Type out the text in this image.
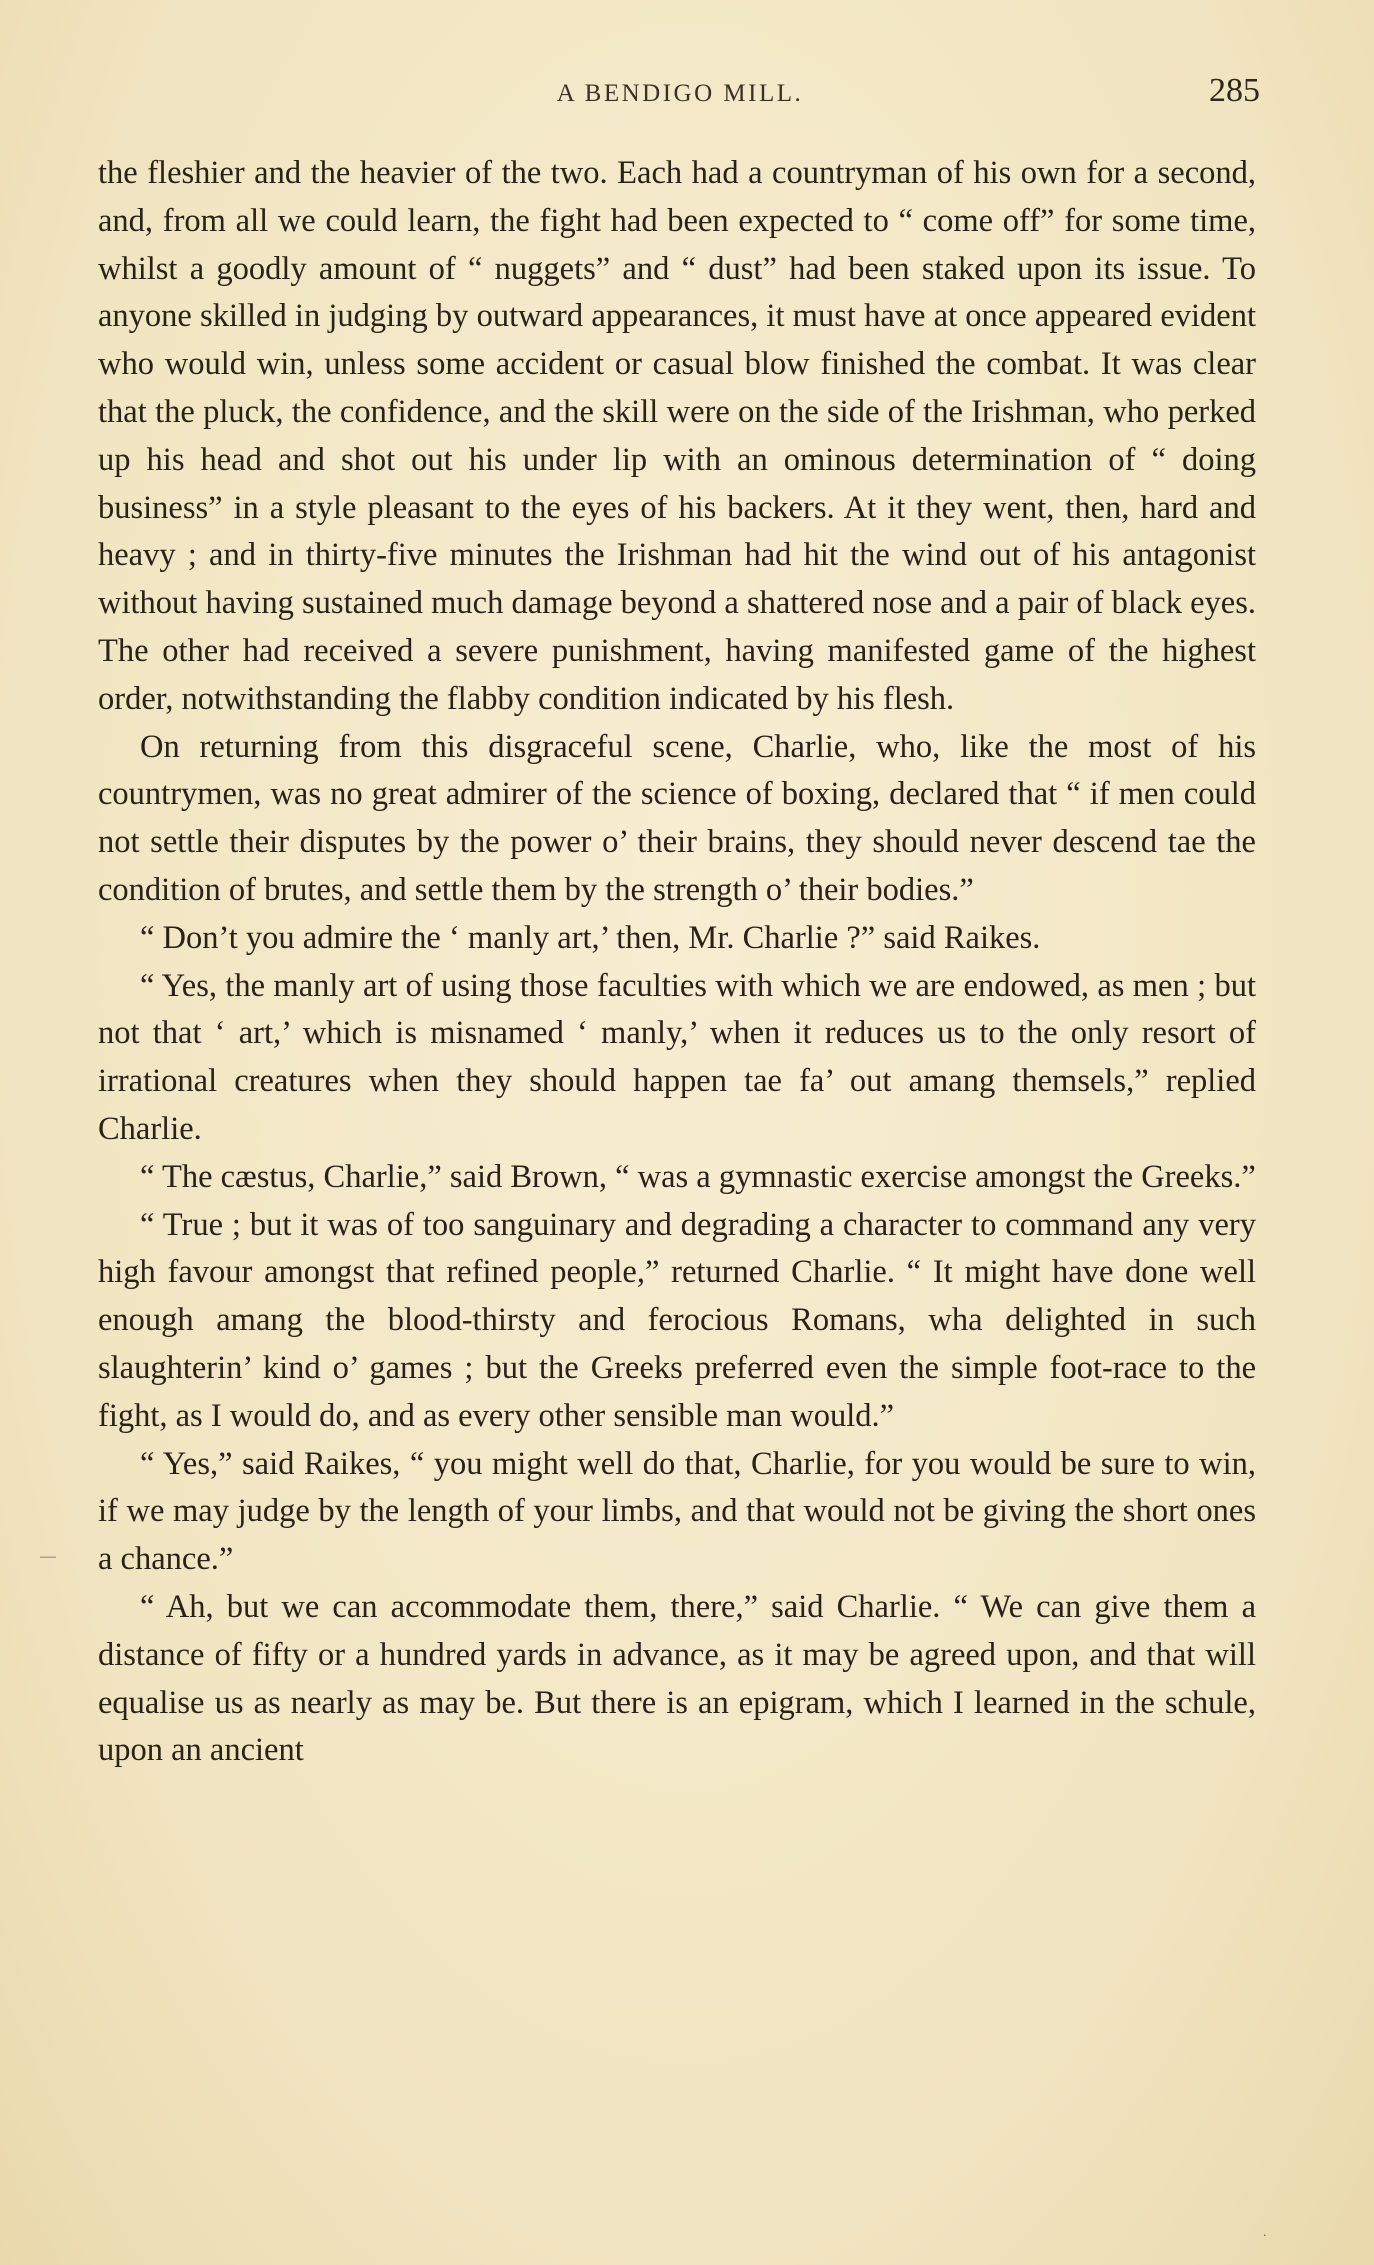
A BENDIGO MILL.	285

the fleshier and the heavier of the two. Each had a countryman of his own for a second, and, from all we could learn, the fight had been expected to “ come off” for some time, whilst a goodly amount of “ nuggets” and “ dust” had been staked upon its issue. To anyone skilled in judging by outward appearances, it must have at once appeared evident who would win, unless some accident or casual blow finished the combat. It was clear that the pluck, the confidence, and the skill were on the side of the Irishman, who perked up his head and shot out his under lip with an ominous determination of “ doing business” in a style pleasant to the eyes of his backers. At it they went, then, hard and heavy ; and in thirty-five minutes the Irishman had hit the wind out of his antagonist without having sustained much damage beyond a shattered nose and a pair of black eyes. The other had received a severe punishment, having manifested game of the highest order, notwithstanding the flabby condition indicated by his flesh.

On returning from this disgraceful scene, Charlie, who, like the most of his countrymen, was no great admirer of the science of boxing, declared that “ if men could not settle their disputes by the power o’ their brains, they should never descend tae the condition of brutes, and settle them by the strength o’ their bodies.”

“ Don’t you admire the ‘ manly art,’ then, Mr. Charlie ?” said Raikes.

“ Yes, the manly art of using those faculties with which we are endowed, as men ; but not that ‘ art,’ which is misnamed ‘ manly,’ when it reduces us to the only resort of irrational creatures when they should happen tae fa’ out amang themsels,” replied Charlie.

“ The cæstus, Charlie,” said Brown, “ was a gymnastic exercise amongst the Greeks.”

“ True ; but it was of too sanguinary and degrading a character to command any very high favour amongst that refined people,” returned Charlie. “ It might have done well enough amang the blood-thirsty and ferocious Romans, wha delighted in such slaughterin’ kind o’ games ; but the Greeks preferred even the simple foot-race to the fight, as I would do, and as every other sensible man would.”

“ Yes,” said Raikes, “ you might well do that, Charlie, for you would be sure to win, if we may judge by the length of your limbs, and that would not be giving the short ones a chance.”

“ Ah, but we can accommodate them, there,” said Charlie. “ We can give them a distance of fifty or a hundred yards in advance, as it may be agreed upon, and that will equalise us as nearly as may be. But there is an epigram, which I learned in the schule, upon an ancient

—
˙
